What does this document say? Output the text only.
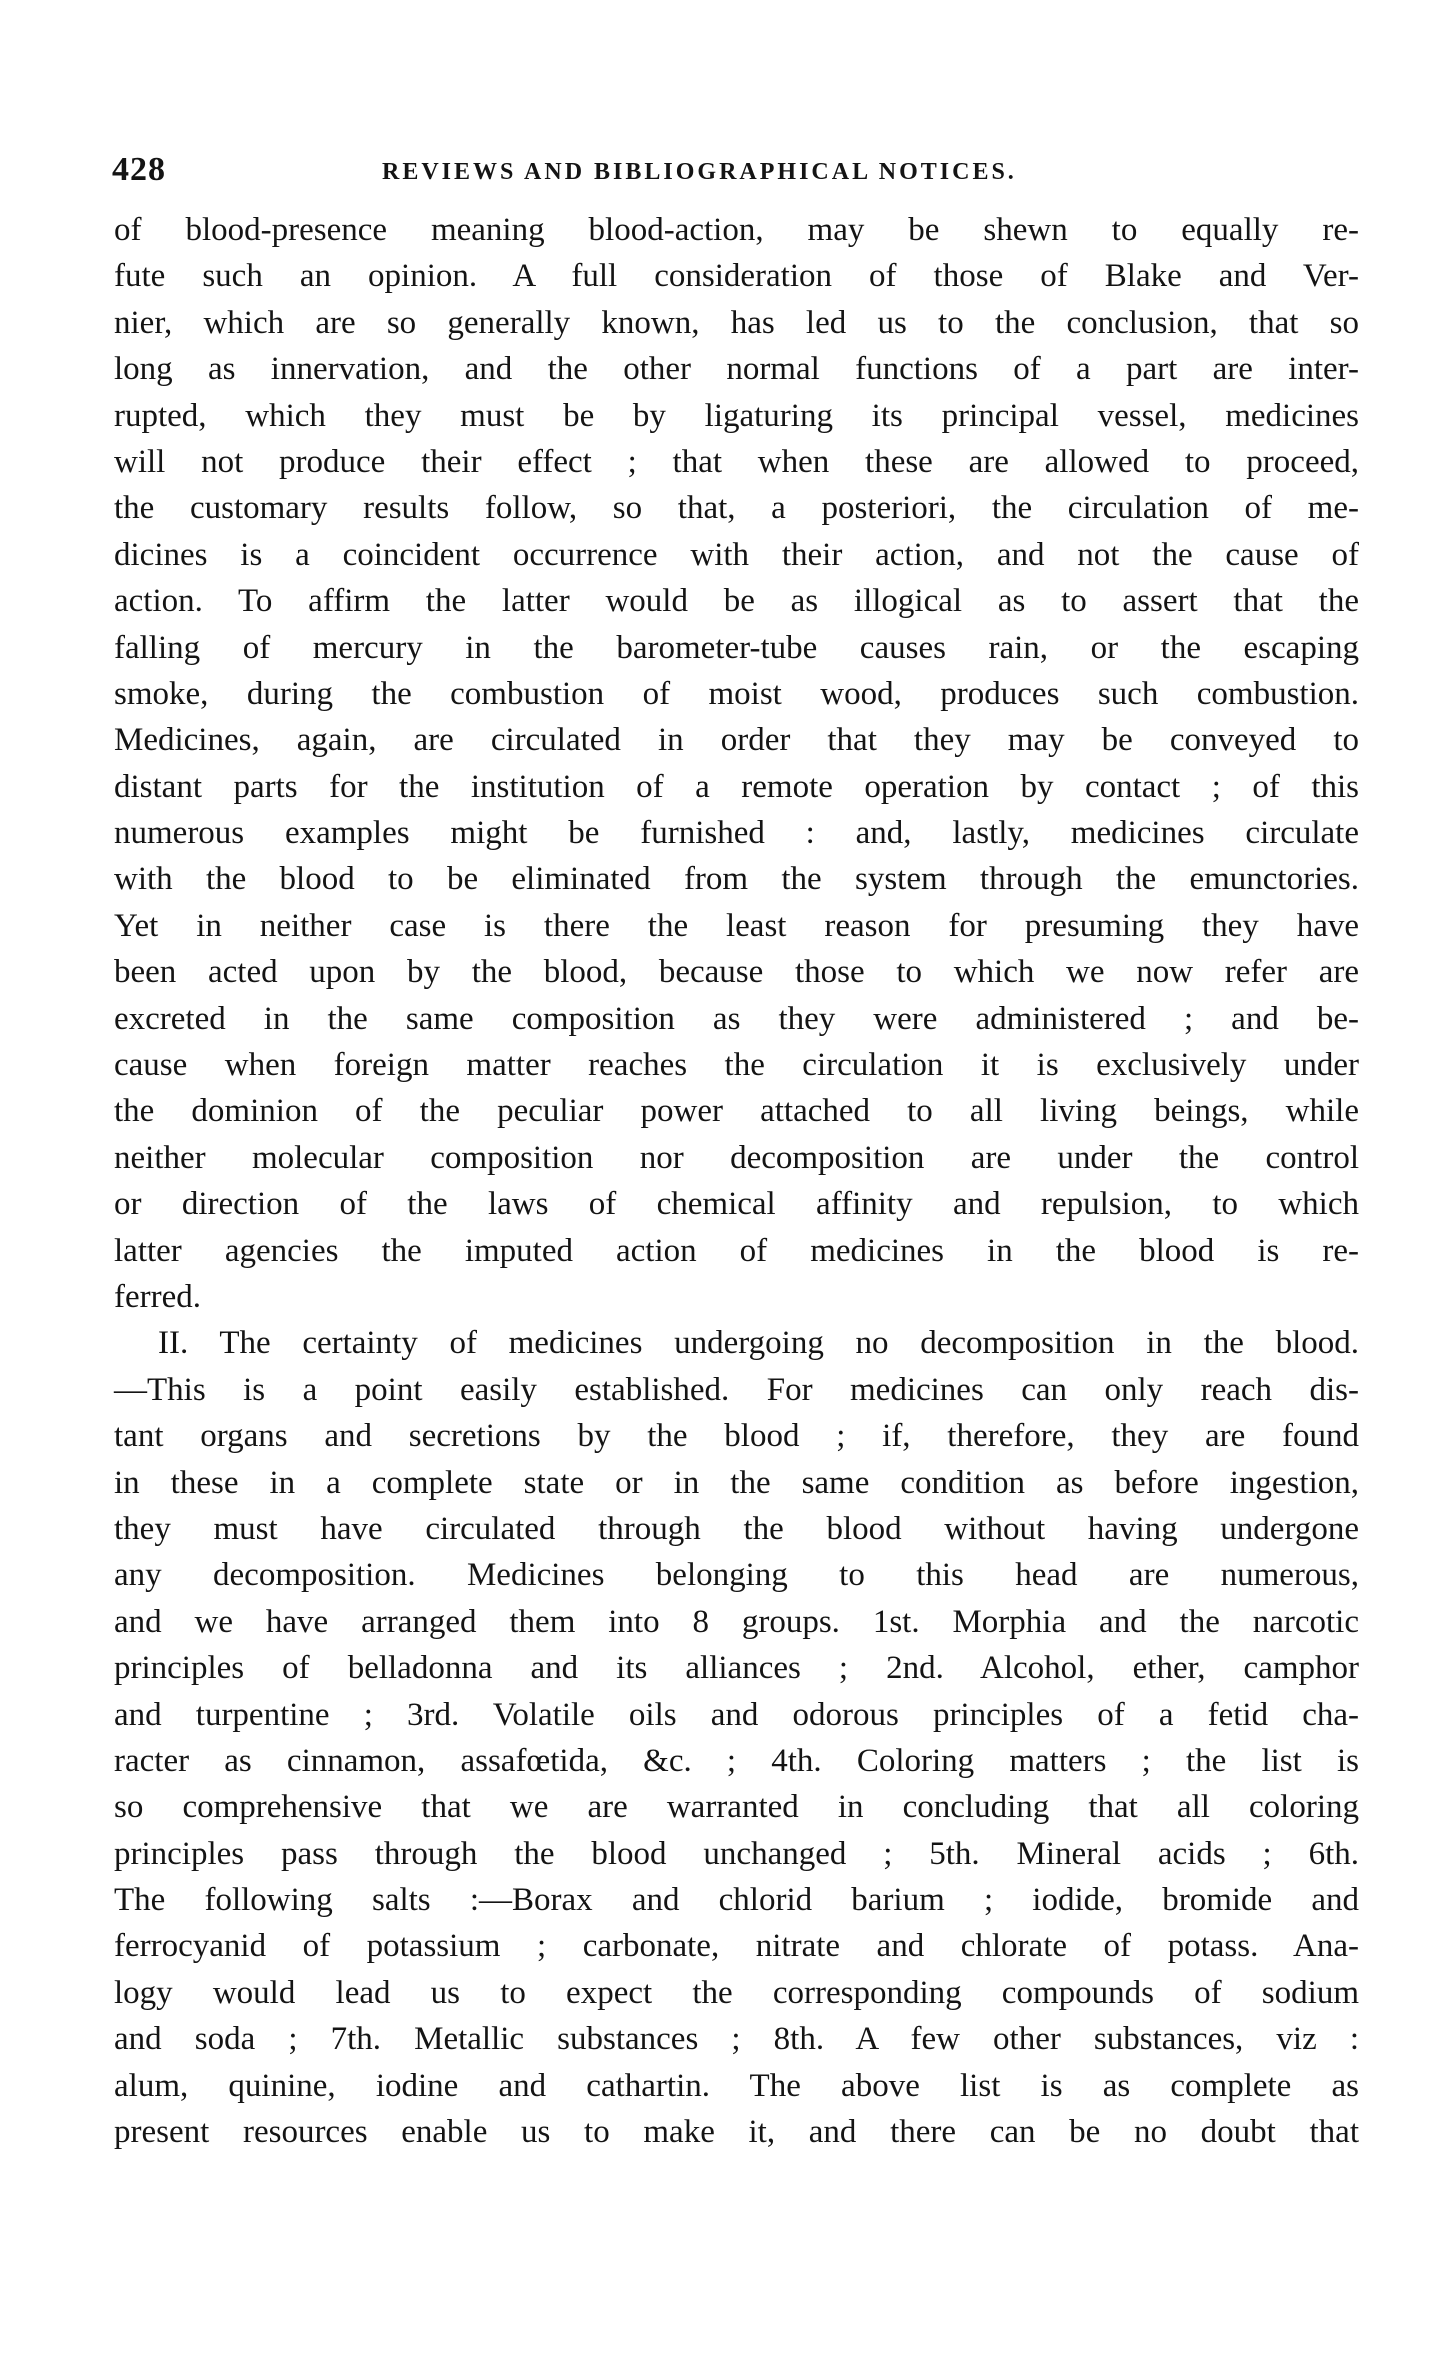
428	REVIEWS AND BIBLIOGRAPHICAL NOTICES.
of blood-presence meaning blood-action, may be shewn to equally re-
fute such an opinion. A full consideration of those of Blake and Ver-
nier, which are so generally known, has led us to the conclusion, that so
long as innervation, and the other normal functions of a part are inter-
rupted, which they must be by ligaturing its principal vessel, medicines
will not produce their effect ; that when these are allowed to proceed,
the customary results follow, so that, a posteriori, the circulation of me-
dicines is a coincident occurrence with their action, and not the cause of
action. To affirm the latter would be as illogical as to assert that the
falling of mercury in the barometer-tube causes rain, or the escaping
smoke, during the combustion of moist wood, produces such combustion.
Medicines, again, are circulated in order that they may be conveyed to
distant parts for the institution of a remote operation by contact ; of this
numerous examples might be furnished : and, lastly, medicines circulate
with the blood to be eliminated from the system through the emunctories.
Yet in neither case is there the least reason for presuming they have
been acted upon by the blood, because those to which we now refer are
excreted in the same composition as they were administered ; and be-
cause when foreign matter reaches the circulation it is exclusively under
the dominion of the peculiar power attached to all living beings, while
neither molecular composition nor decomposition are under the control
or direction of the laws of chemical affinity and repulsion, to which
latter agencies the imputed action of medicines in the blood is re-
ferred.
II. The certainty of medicines undergoing no decomposition in the blood.
—This is a point easily established. For medicines can only reach dis-
tant organs and secretions by the blood ; if, therefore, they are found
in these in a complete state or in the same condition as before ingestion,
they must have circulated through the blood without having undergone
any decomposition. Medicines belonging to this head are numerous,
and we have arranged them into 8 groups. 1st. Morphia and the narcotic
principles of belladonna and its alliances ; 2nd. Alcohol, ether, camphor
and turpentine ; 3rd. Volatile oils and odorous principles of a fetid cha-
racter as cinnamon, assafœtida, &c. ; 4th. Coloring matters ; the list is
so comprehensive that we are warranted in concluding that all coloring
principles pass through the blood unchanged ; 5th. Mineral acids ; 6th.
The following salts :—Borax and chlorid barium ; iodide, bromide and
ferrocyanid of potassium ; carbonate, nitrate and chlorate of potass. Ana-
logy would lead us to expect the corresponding compounds of sodium
and soda ; 7th. Metallic substances ; 8th. A few other substances, viz :
alum, quinine, iodine and cathartin. The above list is as complete as
present resources enable us to make it, and there can be no doubt that
